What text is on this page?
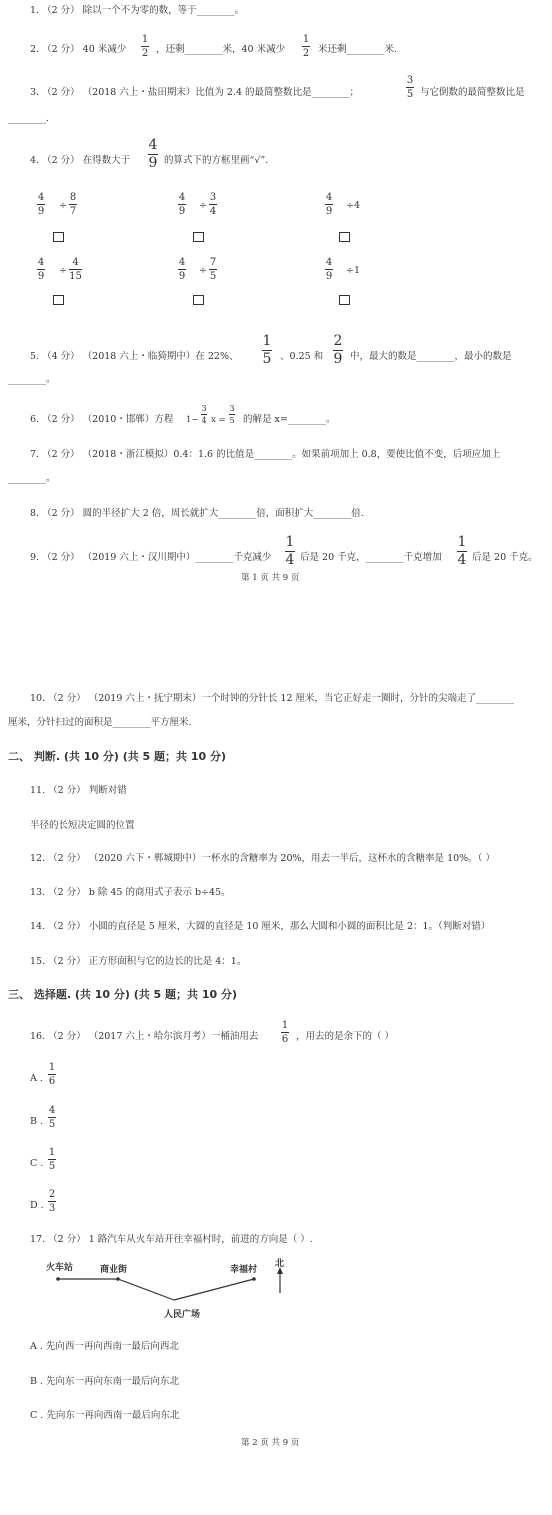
1. （2 分） 除以一个不为零的数，等于________。
2. （2 分） 40 米减少
1
2 ，还剩________米，40 米减少
1
2 米还剩________米.
3. （2 分） （2018 六上・盐田期末）比值为 2.4 的最简整数比是________；
3
5 与它倒数的最简整数比是
________.
4. （2 分） 在得数大于
4
9 的算式下的方框里画“√”.
4
9
÷
8
7
4
9
÷
3
4
4
9
÷4
4
9
÷
4
15
4
9
÷
7
5
4
9
÷1
5. （4 分） （2018 六上・临猗期中）在 22%、
1
5 、0.25 和
2
9 中，最大的数是________，最小的数是
________。
6. （2 分） （2010・邯郸）方程 1−
3
4 x =
3
5 的解是 x=________。
7. （2 分） （2018・浙江模拟）0.4：1.6 的比值是________。如果前项加上 0.8，要使比值不变，后项应加上
________。
8. （2 分） 圆的半径扩大 2 倍，周长就扩大________倍，面积扩大________倍.
9. （2 分） （2019 六上・汉川期中）________千克减少
1
4 后是 20 千克，________千克增加
1
4 后是 20 千克。
第 1 页 共 9 页
10. （2 分） （2019 六上・抚宁期末）一个时钟的分针长 12 厘米，当它正好走一圈时，分针的尖端走了________
厘米，分针扫过的面积是________平方厘米.
二、 判断. (共 10 分) (共 5 题；共 10 分)
11. （2 分） 判断对错
半径的长短决定圆的位置
12. （2 分） （2020 六下・郸城期中）一杯水的含糖率为 20%，用去一半后，这杯水的含糖率是 10%。（ ）
13. （2 分） b 除 45 的商用式子表示 b÷45。
14. （2 分） 小圆的直径是 5 厘米，大圆的直径是 10 厘米，那么大圆和小圆的面积比是 2：1。（判断对错）
15. （2 分） 正方形面积与它的边长的比是 4：1。
三、 选择题. (共 10 分) (共 5 题；共 10 分)
16. （2 分） （2017 六上・哈尔滨月考）一桶油用去
1
6 ，用去的是余下的（ ）
A .
1
6
B .
4
5
C .
1
5
D .
2
3
17. （2 分） 1 路汽车从火车站开往幸福村时，前进的方向是（ ）.
火车站	商业街
人民广场
幸福村
北
A . 先向西一再向西南一最后向西北
B . 先向东一再向东南一最后向东北
C . 先向东一再向西南一最后向东北
第 2 页 共 9 页
